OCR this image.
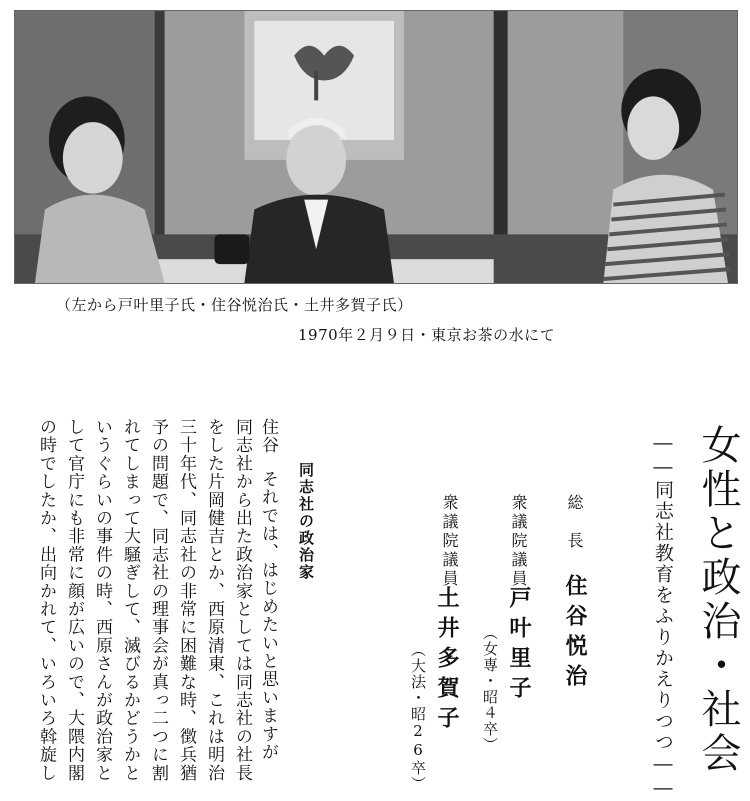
（左から戸叶里子氏・住谷悦治氏・土井多賀子氏）
1970年２月９日・東京お茶の水にて
女性と政治・社会
――同志社教育をふりかえりつつ――
総　長
住谷悦治
衆議院議員
戸叶里子
（女専・昭４卒）
衆議院議員
土井多賀子
（大法・昭26卒）
同志社の政治家
住谷
それでは、はじめたいと思いますが
同志社から出た政治家としては同志社の社長
をした片岡健吉とか、西原清東、これは明治
三十年代、同志社の非常に困難な時、徴兵猶
予の問題で、同志社の理事会が真っ二つに割
れてしまって大騒ぎして、滅びるかどうかと
いうぐらいの事件の時、西原さんが政治家と
して官庁にも非常に顔が広いので、大隈内閣
の時でしたか、出向かれて、いろいろ斡旋し
